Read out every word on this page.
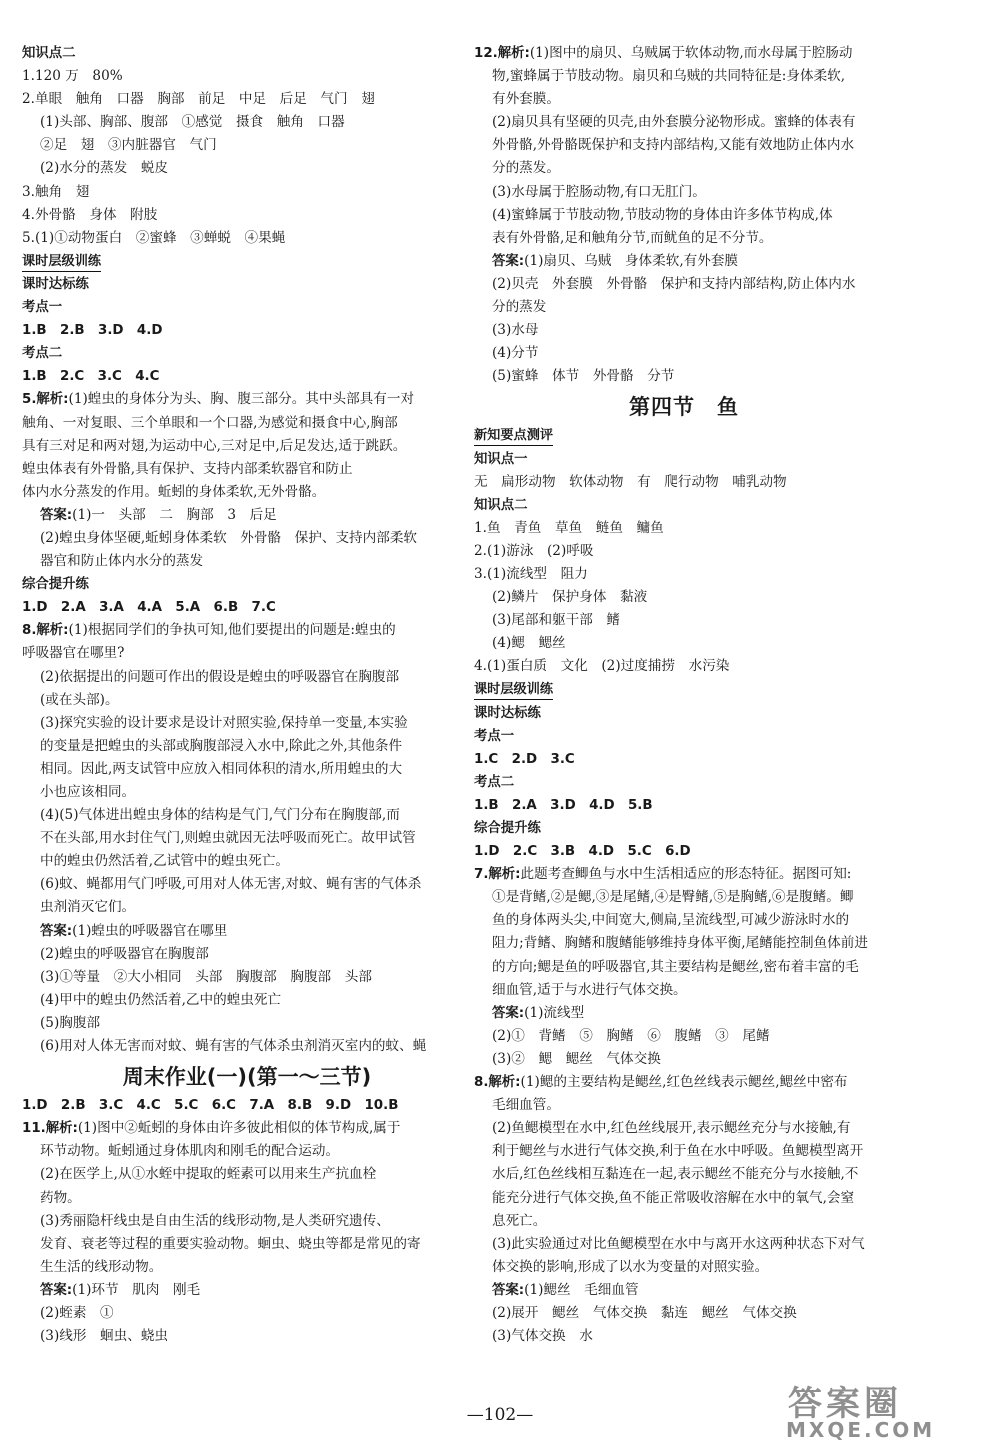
知识点二
1.120 万　80%
2.单眼　触角　口器　胸部　前足　中足　后足　气门　翅
(1)头部、胸部、腹部　①感觉　摄食　触角　口器
②足　翅　③内脏器官　气门
(2)水分的蒸发　蜕皮
3.触角　翅
4.外骨骼　身体　附肢
5.(1)①动物蛋白　②蜜蜂　③蝉蜕　④果蝇
课时层级训练
课时达标练
考点一
1.B　2.B　3.D　4.D
考点二
1.B　2.C　3.C　4.C
5.解析:(1)蝗虫的身体分为头、胸、腹三部分。其中头部具有一对
触角、一对复眼、三个单眼和一个口器,为感觉和摄食中心,胸部
具有三对足和两对翅,为运动中心,三对足中,后足发达,适于跳跃。
蝗虫体表有外骨骼,具有保护、支持内部柔软器官和防止
体内水分蒸发的作用。蚯蚓的身体柔软,无外骨骼。
答案:(1)一　头部　二　胸部　3　后足
(2)蝗虫身体坚硬,蚯蚓身体柔软　外骨骼　保护、支持内部柔软
器官和防止体内水分的蒸发
综合提升练
1.D　2.A　3.A　4.A　5.A　6.B　7.C
8.解析:(1)根据同学们的争执可知,他们要提出的问题是:蝗虫的
呼吸器官在哪里?
(2)依据提出的问题可作出的假设是蝗虫的呼吸器官在胸腹部
(或在头部)。
(3)探究实验的设计要求是设计对照实验,保持单一变量,本实验
的变量是把蝗虫的头部或胸腹部浸入水中,除此之外,其他条件
相同。因此,两支试管中应放入相同体积的清水,所用蝗虫的大
小也应该相同。
(4)(5)气体进出蝗虫身体的结构是气门,气门分布在胸腹部,而
不在头部,用水封住气门,则蝗虫就因无法呼吸而死亡。故甲试管
中的蝗虫仍然活着,乙试管中的蝗虫死亡。
(6)蚊、蝇都用气门呼吸,可用对人体无害,对蚊、蝇有害的气体杀
虫剂消灭它们。
答案:(1)蝗虫的呼吸器官在哪里
(2)蝗虫的呼吸器官在胸腹部
(3)①等量　②大小相同　头部　胸腹部　胸腹部　头部
(4)甲中的蝗虫仍然活着,乙中的蝗虫死亡
(5)胸腹部
(6)用对人体无害而对蚊、蝇有害的气体杀虫剂消灭室内的蚊、蝇
周末作业(一)(第一～三节)
1.D　2.B　3.C　4.C　5.C　6.C　7.A　8.B　9.D　10.B
11.解析:(1)图中②蚯蚓的身体由许多彼此相似的体节构成,属于
环节动物。蚯蚓通过身体肌肉和刚毛的配合运动。
(2)在医学上,从①水蛭中提取的蛭素可以用来生产抗血栓
药物。
(3)秀丽隐杆线虫是自由生活的线形动物,是人类研究遗传、
发育、衰老等过程的重要实验动物。蛔虫、蛲虫等都是常见的寄
生生活的线形动物。
答案:(1)环节　肌肉　刚毛
(2)蛭素　①
(3)线形　蛔虫、蛲虫
12.解析:(1)图中的扇贝、乌贼属于软体动物,而水母属于腔肠动
物,蜜蜂属于节肢动物。扇贝和乌贼的共同特征是:身体柔软,
有外套膜。
(2)扇贝具有坚硬的贝壳,由外套膜分泌物形成。蜜蜂的体表有
外骨骼,外骨骼既保护和支持内部结构,又能有效地防止体内水
分的蒸发。
(3)水母属于腔肠动物,有口无肛门。
(4)蜜蜂属于节肢动物,节肢动物的身体由许多体节构成,体
表有外骨骼,足和触角分节,而鱿鱼的足不分节。
答案:(1)扇贝、乌贼　身体柔软,有外套膜
(2)贝壳　外套膜　外骨骼　保护和支持内部结构,防止体内水
分的蒸发
(3)水母
(4)分节
(5)蜜蜂　体节　外骨骼　分节
第四节　鱼
新知要点测评
知识点一
无　扁形动物　软体动物　有　爬行动物　哺乳动物
知识点二
1.鱼　青鱼　草鱼　鲢鱼　鳙鱼
2.(1)游泳　(2)呼吸
3.(1)流线型　阻力
(2)鳞片　保护身体　黏液
(3)尾部和躯干部　鳍
(4)鳃　鳃丝
4.(1)蛋白质　文化　(2)过度捕捞　水污染
课时层级训练
课时达标练
考点一
1.C　2.D　3.C
考点二
1.B　2.A　3.D　4.D　5.B
综合提升练
1.D　2.C　3.B　4.D　5.C　6.D
7.解析:此题考查鲫鱼与水中生活相适应的形态特征。据图可知:
①是背鳍,②是鳃,③是尾鳍,④是臀鳍,⑤是胸鳍,⑥是腹鳍。鲫
鱼的身体两头尖,中间宽大,侧扁,呈流线型,可减少游泳时水的
阻力;背鳍、胸鳍和腹鳍能够维持身体平衡,尾鳍能控制鱼体前进
的方向;鳃是鱼的呼吸器官,其主要结构是鳃丝,密布着丰富的毛
细血管,适于与水进行气体交换。
答案:(1)流线型
(2)①　背鳍　⑤　胸鳍　⑥　腹鳍　③　尾鳍
(3)②　鳃　鳃丝　气体交换
8.解析:(1)鳃的主要结构是鳃丝,红色丝线表示鳃丝,鳃丝中密布
毛细血管。
(2)鱼鳃模型在水中,红色丝线展开,表示鳃丝充分与水接触,有
利于鳃丝与水进行气体交换,利于鱼在水中呼吸。鱼鳃模型离开
水后,红色丝线相互黏连在一起,表示鳃丝不能充分与水接触,不
能充分进行气体交换,鱼不能正常吸收溶解在水中的氧气,会窒
息死亡。
(3)此实验通过对比鱼鳃模型在水中与离开水这两种状态下对气
体交换的影响,形成了以水为变量的对照实验。
答案:(1)鳃丝　毛细血管
(2)展开　鳃丝　气体交换　黏连　鳃丝　气体交换
(3)气体交换　水
—102—	答案圈
MXQE.COM
